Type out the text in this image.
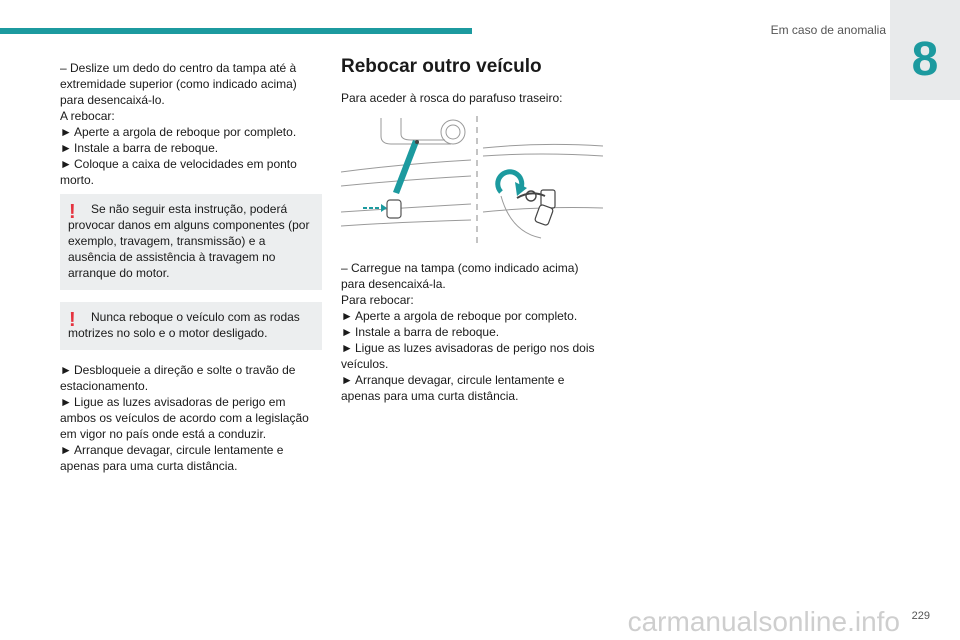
Em caso de anomalia
8

– Deslize um dedo do centro da tampa até à extremidade superior (como indicado acima) para desencaixá-lo.

A rebocar:

► Aperte a argola de reboque por completo.

► Instale a barra de reboque.

► Coloque a caixa de velocidades em ponto morto.

!	Se não seguir esta instrução, poderá provocar danos em alguns componentes (por exemplo, travagem, transmissão) e a ausência de assistência à travagem no arranque do motor.

!	Nunca reboque o veículo com as rodas motrizes no solo e o motor desligado.

► Desbloqueie a direção e solte o travão de estacionamento.

► Ligue as luzes avisadoras de perigo em ambos os veículos de acordo com a legislação em vigor no país onde está a conduzir.

► Arranque devagar, circule lentamente e apenas para uma curta distância.

Rebocar outro veículo

Para aceder à rosca do parafuso traseiro:

– Carregue na tampa (como indicado acima) para desencaixá-la.

Para rebocar:

► Aperte a argola de reboque por completo.

► Instale a barra de reboque.

► Ligue as luzes avisadoras de perigo nos dois veículos.

► Arranque devagar, circule lentamente e apenas para uma curta distância.

carmanualsonline.info 229
